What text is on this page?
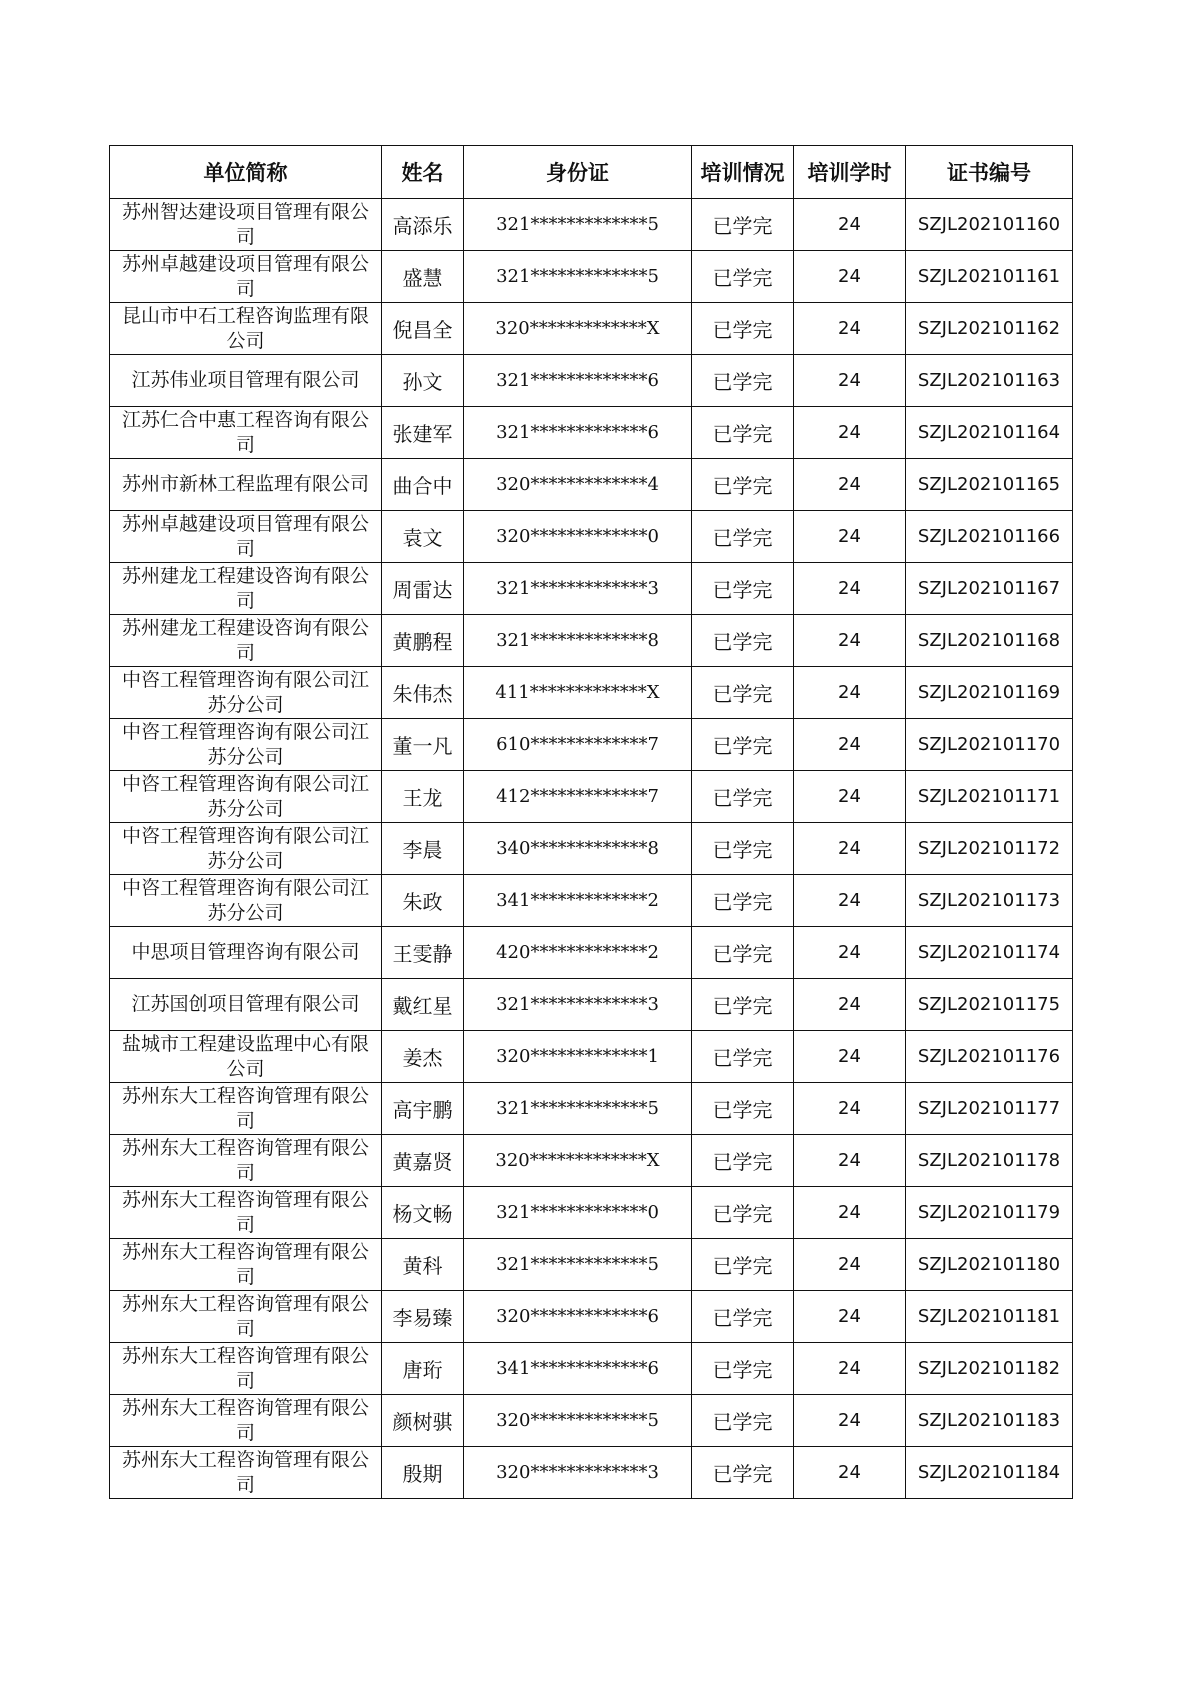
单位简称	姓名	身份证	培训情况	培训学时	证书编号
苏州智达建设项目管理有限公司	高添乐	321*************5	已学完	24	SZJL202101160
苏州卓越建设项目管理有限公司	盛慧	321*************5	已学完	24	SZJL202101161
昆山市中石工程咨询监理有限公司	倪昌全	320*************X	已学完	24	SZJL202101162
江苏伟业项目管理有限公司	孙文	321*************6	已学完	24	SZJL202101163
江苏仁合中惠工程咨询有限公司	张建军	321*************6	已学完	24	SZJL202101164
苏州市新林工程监理有限公司	曲合中	320*************4	已学完	24	SZJL202101165
苏州卓越建设项目管理有限公司	袁文	320*************0	已学完	24	SZJL202101166
苏州建龙工程建设咨询有限公司	周雷达	321*************3	已学完	24	SZJL202101167
苏州建龙工程建设咨询有限公司	黄鹏程	321*************8	已学完	24	SZJL202101168
中咨工程管理咨询有限公司江苏分公司	朱伟杰	411*************X	已学完	24	SZJL202101169
中咨工程管理咨询有限公司江苏分公司	董一凡	610*************7	已学完	24	SZJL202101170
中咨工程管理咨询有限公司江苏分公司	王龙	412*************7	已学完	24	SZJL202101171
中咨工程管理咨询有限公司江苏分公司	李晨	340*************8	已学完	24	SZJL202101172
中咨工程管理咨询有限公司江苏分公司	朱政	341*************2	已学完	24	SZJL202101173
中思项目管理咨询有限公司	王雯静	420*************2	已学完	24	SZJL202101174
江苏国创项目管理有限公司	戴红星	321*************3	已学完	24	SZJL202101175
盐城市工程建设监理中心有限公司	姜杰	320*************1	已学完	24	SZJL202101176
苏州东大工程咨询管理有限公司	高宇鹏	321*************5	已学完	24	SZJL202101177
苏州东大工程咨询管理有限公司	黄嘉贤	320*************X	已学完	24	SZJL202101178
苏州东大工程咨询管理有限公司	杨文畅	321*************0	已学完	24	SZJL202101179
苏州东大工程咨询管理有限公司	黄科	321*************5	已学完	24	SZJL202101180
苏州东大工程咨询管理有限公司	李易臻	320*************6	已学完	24	SZJL202101181
苏州东大工程咨询管理有限公司	唐珩	341*************6	已学完	24	SZJL202101182
苏州东大工程咨询管理有限公司	颜树骐	320*************5	已学完	24	SZJL202101183
苏州东大工程咨询管理有限公司	殷期	320*************3	已学完	24	SZJL202101184
